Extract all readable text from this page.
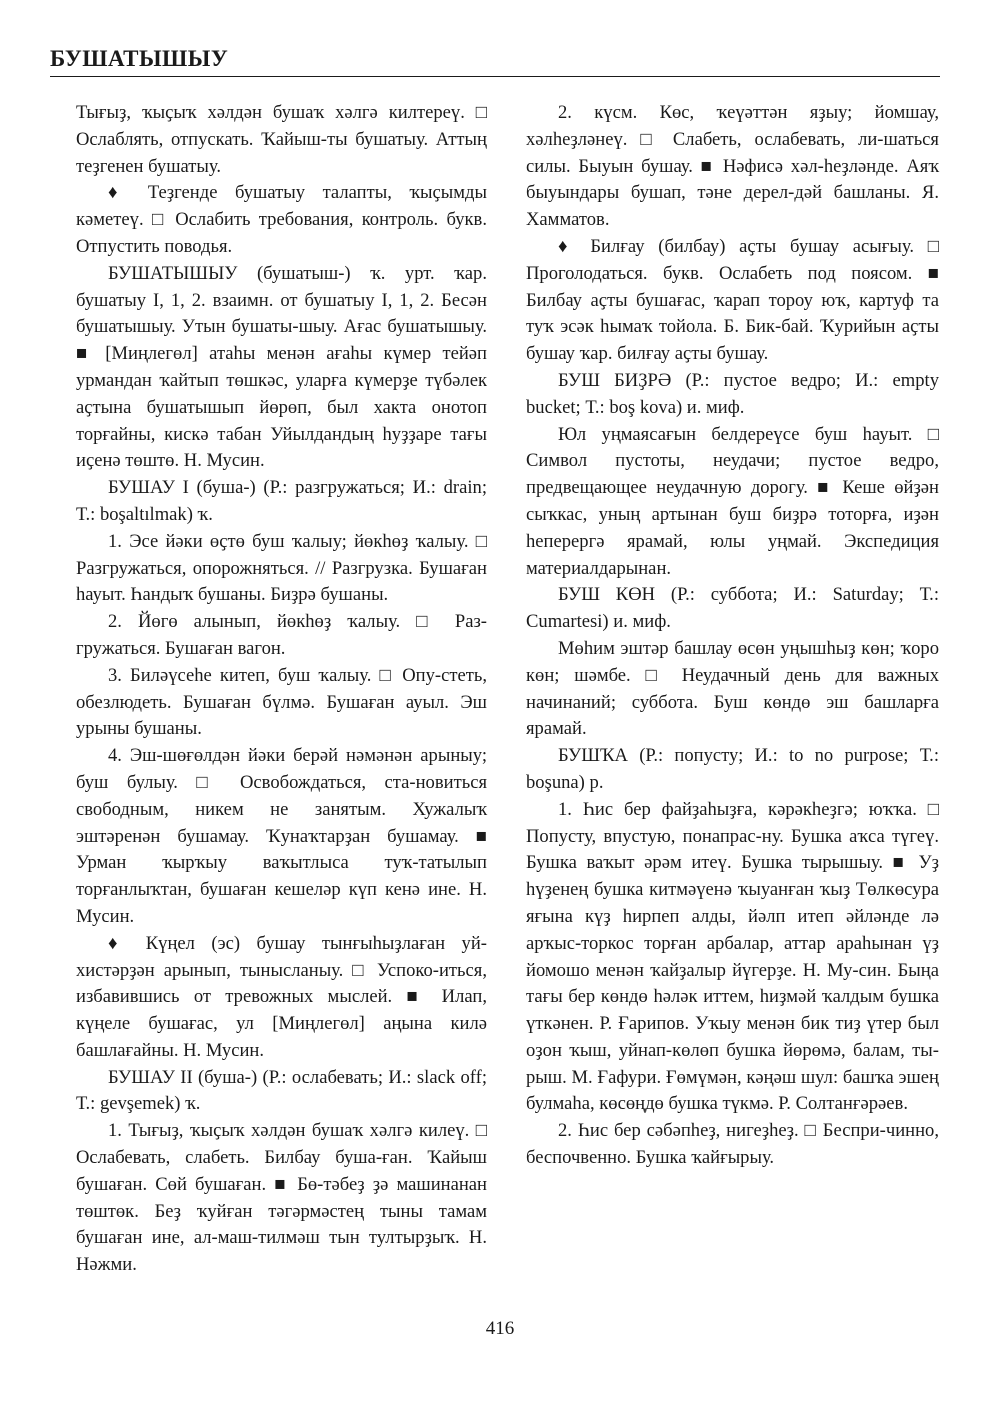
БУШАТЫШЫУ

Тығыҙ, ҡыҫыҡ хәлдән бушаҡ хәлгә килтереү. □ Ослаблять, отпускать. Ҡайыш-ты бушатыу. Аттың теҙгенен бушатыу.

♦ Теҙгенде бушатыу талапты, ҡыҫымды кәметеү. □ Ослабить требования, контроль. букв. Отпустить поводья.

БУШАТЫШЫУ (бушатыш-) ҡ. урт. ҡар. бушатыу I, 1, 2. взаимн. от бушатыу I, 1, 2. Бесән бушатышыу. Утын бушаты-шыу. Ағас бушатышыу. ■ [Миңлегөл] атаһы менән ағаһы күмер тейәп урмандан ҡайтып төшкәс, уларға күмерҙе түбәлек аҫтына бушатышып йөрөп, был хакта онотоп торғайны, кискә табан Уйылдандың һуҙҙаре тағы иҫенә төштө. Н. Мусин.

БУШАУ I (буша-) (Р.: разгружаться; И.: drain; Т.: boşaltılmak) ҡ.

1. Эсе йәки өҫтө буш ҡалыу; йөкһөҙ ҡалыу. □ Разгружаться, опорожняться. // Разгрузка. Бушаған һауыт. Һандыҡ бушаны. Биҙрә бушаны.

2. Йөгө алынып, йөкһөҙ ҡалыу. □ Раз-гружаться. Бушаған вагон.

3. Биләүсеһе китеп, буш ҡалыу. □ Опу-стеть, обезлюдеть. Бушаған бүлмә. Бушаған ауыл. Эш урыны бушаны.

4. Эш-шөғөлдән йәки берәй нәмәнән арыныу; буш булыу. □ Освобождаться, ста-новиться свободным, никем не занятым. Хужалыҡ эштәренән бушамау. Ҡунаҡтарҙан бушамау. ■ Урман ҡырҡыу ваҡытлыса туҡ-татылып торғанлыҡтан, бушаған кешеләр күп кенә ине. Н. Мусин.

♦ Күңел (эс) бушау тынғыһыҙлаған уй-хистәрҙән арынып, тынысланыу. □ Успоко-иться, избавившись от тревожных мыслей. ■ Илап, күңеле бушағас, ул [Миңлегөл] аңына килә башлағайны. Н. Мусин.

БУШАУ II (буша-) (Р.: ослабевать; И.: slack off; Т.: gevşemek) ҡ.

1. Тығыҙ, ҡыҫыҡ хәлдән бушаҡ хәлгә килеү. □ Ослабевать, слабеть. Билбау буша-ған. Ҡайыш бушаған. Сөй бушаған. ■ Бө-тәбеҙ ҙә машинанан төштөк. Беҙ ҡуйған тәгәрмәстең тыны тамам бушаған ине, ал-маш-тилмәш тын тултырҙыҡ. Н. Нәжми.

2. күсм. Көс, ҡеүәттән яҙыу; йомшау, хәлһеҙләнеү. □ Слабеть, ослабевать, ли-шаться силы. Быуын бушау. ■ Нәфисә хәл-һеҙләнде. Аяҡ быуындары бушап, тәне дерел-дәй башланы. Я. Хамматов.

♦ Билғау (билбау) аҫты бушау асығыу. □ Проголодаться. букв. Ослабеть под поясом. ■ Билбау аҫты бушағас, ҡарап тороу юҡ, картуф та туҡ эсәк һымаҡ тойола. Б. Бик-бай. Ҡурийын аҫты бушау ҡар. билғау аҫты бушау.

БУШ БИҘРӘ (Р.: пустое ведро; И.: empty bucket; Т.: boş kova) и. миф.

Юл уңмаясағын белдереүсе буш һауыт. □ Символ пустоты, неудачи; пустое ведро, предвещающее неудачную дорогу. ■ Кеше өйҙән сыҡкас, уның артынан буш биҙрә тоторға, иҙән һеперергә ярамай, юлы уңмай. Экспедиция материалдарынан.

БУШ КӨН (Р.: суббота; И.: Saturday; Т.: Cumartesi) и. миф.

Мөһим эштәр башлау өсөн уңышһыҙ көн; ҡоро көн; шәмбе. □ Неудачный день для важных начинаний; суббота. Буш көндө эш башларға ярамай.

БУШҠА (Р.: попусту; И.: to no purpose; Т.: boşuna) р.

1. Һис бер файҙаһыҙға, кәрәкһеҙгә; юҡҡа. □ Попусту, впустую, понапрас-ну. Бушка аҡса түгеү. Бушка ваҡыт әрәм итеү. Бушка тырышыу. ■ Уҙ һүҙенең бушка китмәүенә ҡыуанған ҡыҙ Төлкөсура яғына күҙ һирпеп алды, йәлп итеп әйләнде лә арҡыс-торкос торған арбалар, аттар араһынан үҙ йомошо менән ҡайҙалыр йүгерҙе. Н. Му-син. Быңа тағы бер көндө һәләк иттем, һиҙмәй ҡалдым бушка үткәнен. Р. Ғарипов. Уҡыу менән бик тиҙ үтер был оҙон ҡыш, уйнап-көлөп бушка йөрөмә, балам, ты-рыш. М. Ғафури. Ғөмүмән, кәңәш шул: башҡа эшең булмаһа, көсөңдө бушка түкмә. Р. Солтанғәрәев.

2. Һис бер сәбәпһеҙ, нигеҙһеҙ. □ Беспри-чинно, беспочвенно. Бушка ҡайғырыу.

416
